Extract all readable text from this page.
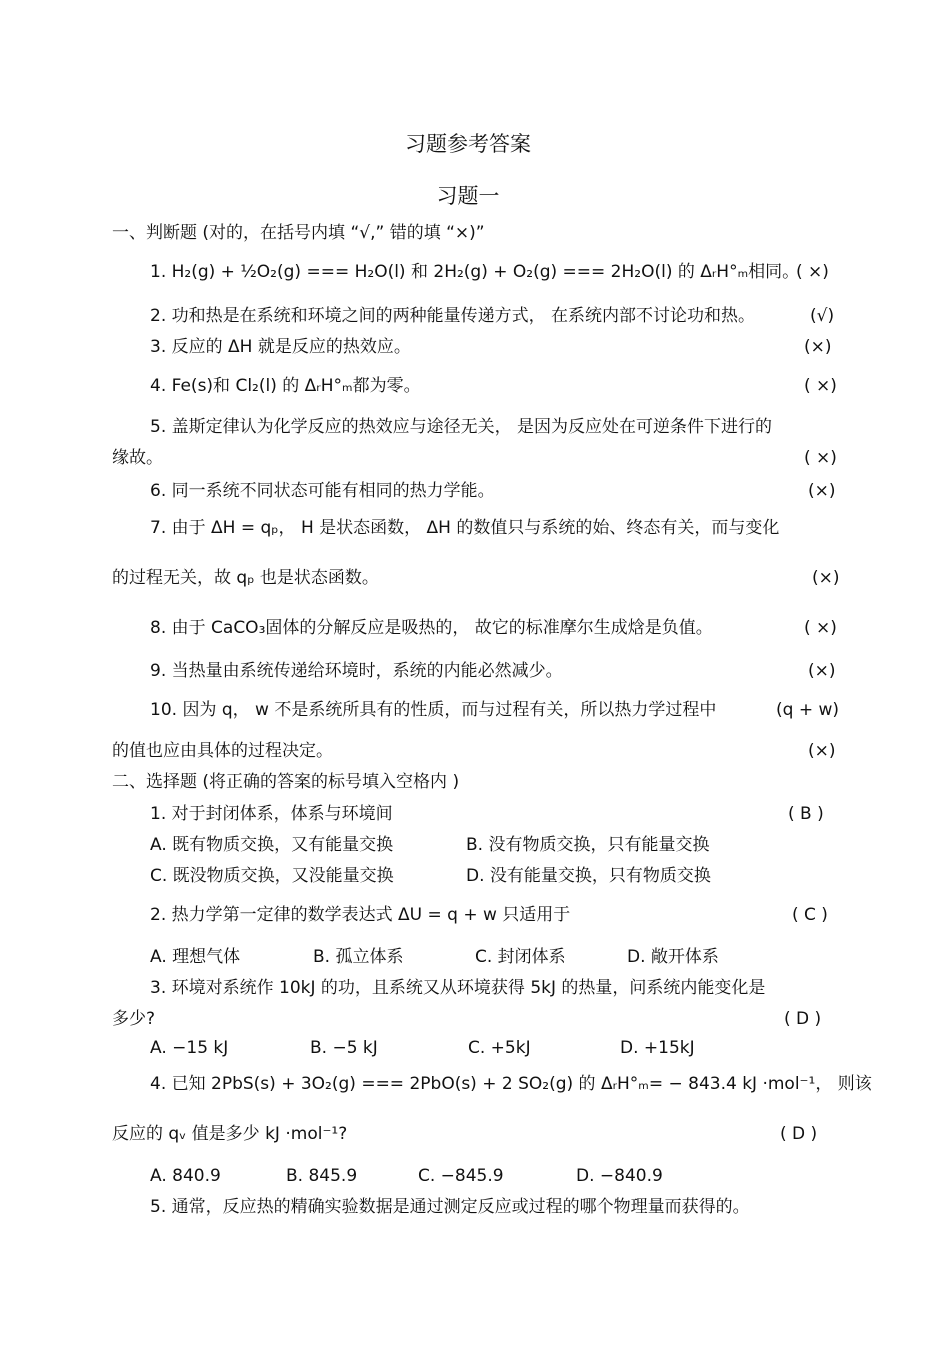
习题参考答案
习题一
一、判断题 (对的，在括号内填 “√,” 错的填 “×)”
1. H₂(g) + ½O₂(g) === H₂O(l) 和 2H₂(g) + O₂(g) === 2H₂O(l) 的 ΔᵣH°ₘ相同。
( ×)
2. 功和热是在系统和环境之间的两种能量传递方式， 在系统内部不讨论功和热。	(√)
3. 反应的 ΔH 就是反应的热效应。	(×)
4. Fe(s)和 Cl₂(l) 的 ΔᵣH°ₘ都为零。	( ×)
5. 盖斯定律认为化学反应的热效应与途径无关， 是因为反应处在可逆条件下进行的
缘故。	( ×)
6. 同一系统不同状态可能有相同的热力学能。	(×)
7. 由于 ΔH = qₚ， H 是状态函数， ΔH 的数值只与系统的始、终态有关，而与变化
的过程无关，故 qₚ 也是状态函数。	(×)
8. 由于 CaCO₃固体的分解反应是吸热的， 故它的标准摩尔生成焓是负值。	( ×)
9. 当热量由系统传递给环境时，系统的内能必然减少。	(×)
10. 因为 q， w 不是系统所具有的性质，而与过程有关，所以热力学过程中	(q + w)
的值也应由具体的过程决定。	(×)
二、选择题 (将正确的答案的标号填入空格内 )
1. 对于封闭体系，体系与环境间	( B )
A. 既有物质交换，又有能量交换	B. 没有物质交换，只有能量交换
C. 既没物质交换，又没能量交换	D. 没有能量交换，只有物质交换
2. 热力学第一定律的数学表达式 ΔU = q + w 只适用于	( C )
A. 理想气体	B. 孤立体系	C. 封闭体系	D. 敞开体系
3. 环境对系统作 10kJ 的功，且系统又从环境获得 5kJ 的热量，问系统内能变化是
多少?	( D )
A. −15 kJ	B. −5 kJ	C. +5kJ	D. +15kJ
4. 已知 2PbS(s) + 3O₂(g) === 2PbO(s) + 2 SO₂(g) 的 ΔᵣH°ₘ= − 843.4 kJ ·mol⁻¹， 则该
反应的 qᵥ 值是多少 kJ ·mol⁻¹?	( D )
A. 840.9	B. 845.9	C. −845.9	D. −840.9
5. 通常，反应热的精确实验数据是通过测定反应或过程的哪个物理量而获得的。
